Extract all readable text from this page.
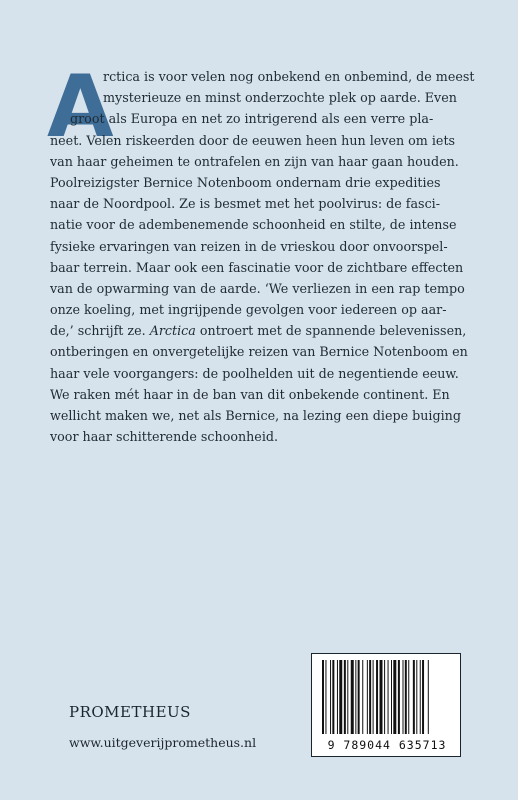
A
rctica is voor velen nog onbekend en onbemind, de meest
mysterieuze en minst onderzochte plek op aarde. Even
groot als Europa en net zo intrigerend als een verre pla-
neet. Velen riskeerden door de eeuwen heen hun leven om iets
van haar geheimen te ontrafelen en zijn van haar gaan houden.
Poolreizigster Bernice Notenboom ondernam drie expedities
naar de Noordpool. Ze is besmet met het poolvirus: de fasci-
natie voor de adembenemende schoonheid en stilte, de intense
fysieke ervaringen van reizen in de vrieskou door onvoorspel-
baar terrein. Maar ook een fascinatie voor de zichtbare effecten
van de opwarming van de aarde. ‘We verliezen in een rap tempo
onze koeling, met ingrijpende gevolgen voor iedereen op aar-
de,’ schrijft ze. Arctica ontroert met de spannende belevenissen,
ontberingen en onvergetelijke reizen van Bernice Notenboom en
haar vele voorgangers: de poolhelden uit de negentiende eeuw.
We raken mét haar in de ban van dit onbekende continent. En
wellicht maken we, net als Bernice, na lezing een diepe buiging
voor haar schitterende schoonheid.
PROMETHEUS
www.uitgeverijprometheus.nl	9 789044 635713
